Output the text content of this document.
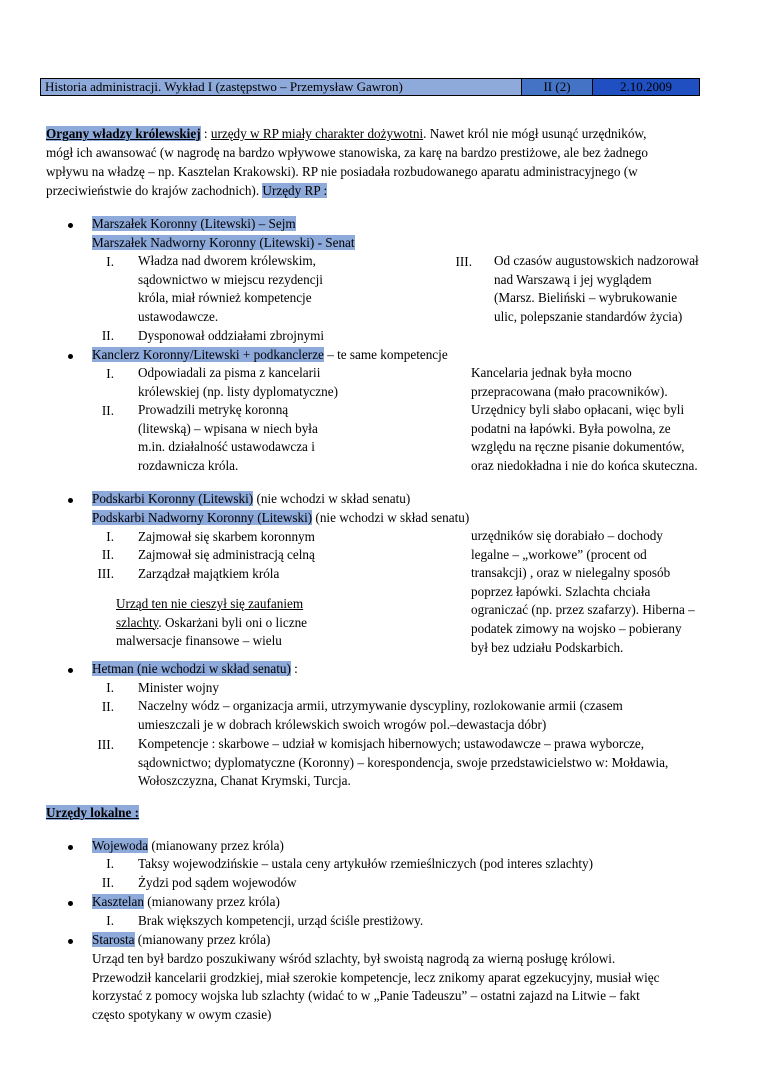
Historia administracji. Wykład I (zastępstwo – Przemysław Gawron)	II (2)	2.10.2009
Organy władzy królewskiej : urzędy w RP miały charakter dożywotni. Nawet król nie mógł usunąć urzędników,
mógł ich awansować (w nagrodę na bardzo wpływowe stanowiska, za karę na bardzo prestiżowe, ale bez żadnego
wpływu na władzę – np. Kasztelan Krakowski). RP nie posiadała rozbudowanego aparatu administracyjnego (w
przeciwieństwie do krajów zachodnich). Urzędy RP :
Marszałek Koronny (Litewski) – Sejm
Marszałek Nadworny Koronny (Litewski) - Senat
I. Władza nad dworem królewskim,
sądownictwo w miejscu rezydencji
króla, miał również kompetencje
ustawodawcze.
II. Dysponował oddziałami zbrojnymi
III. Od czasów augustowskich nadzorował
nad Warszawą i jej wyglądem
(Marsz. Bieliński – wybrukowanie
ulic, polepszanie standardów życia)
Kanclerz Koronny/Litewski + podkanclerze – te same kompetencje
I. Odpowiadali za pisma z kancelarii
królewskiej (np. listy dyplomatyczne)
II. Prowadzili metrykę koronną
(litewską) – wpisana w niech była
m.in. działalność ustawodawcza i
rozdawnicza króla.
Kancelaria jednak była mocno
przepracowana (mało pracowników).
Urzędnicy byli słabo opłacani, więc byli
podatni na łapówki. Była powolna, ze
względu na ręczne pisanie dokumentów,
oraz niedokładna i nie do końca skuteczna.
Podskarbi Koronny (Litewski) (nie wchodzi w skład senatu)
Podskarbi Nadworny Koronny (Litewski) (nie wchodzi w skład senatu)
I. Zajmował się skarbem koronnym
II. Zajmował się administracją celną
III. Zarządzał majątkiem króla
Urząd ten nie cieszył się zaufaniem
szlachty. Oskarżani byli oni o liczne
malwersacje finansowe – wielu
urzędników się dorabiało – dochody
legalne – „workowe” (procent od
transakcji) , oraz w nielegalny sposób
poprzez łapówki. Szlachta chciała
ograniczać (np. przez szafarzy). Hiberna –
podatek zimowy na wojsko – pobierany
był bez udziału Podskarbich.
Hetman (nie wchodzi w skład senatu) :
I. Minister wojny
II. Naczelny wódz – organizacja armii, utrzymywanie dyscypliny, rozlokowanie armii (czasem
umieszczali je w dobrach królewskich swoich wrogów pol.–dewastacja dóbr)
III. Kompetencje : skarbowe – udział w komisjach hibernowych; ustawodawcze – prawa wyborcze,
sądownictwo; dyplomatyczne (Koronny) – korespondencja, swoje przedstawicielstwo w: Mołdawia,
Wołoszczyzna, Chanat Krymski, Turcja.
Urzędy lokalne :
Wojewoda (mianowany przez króla)
I. Taksy wojewodzińskie – ustala ceny artykułów rzemieślniczych (pod interes szlachty)
II. Żydzi pod sądem wojewodów
Kasztelan (mianowany przez króla)
I. Brak większych kompetencji, urząd ściśle prestiżowy.
Starosta (mianowany przez króla)
Urząd ten był bardzo poszukiwany wśród szlachty, był swoistą nagrodą za wierną posługę królowi.
Przewodził kancelarii grodzkiej, miał szerokie kompetencje, lecz znikomy aparat egzekucyjny, musiał więc
korzystać z pomocy wojska lub szlachty (widać to w „Panie Tadeuszu” – ostatni zajazd na Litwie – fakt
często spotykany w owym czasie)
